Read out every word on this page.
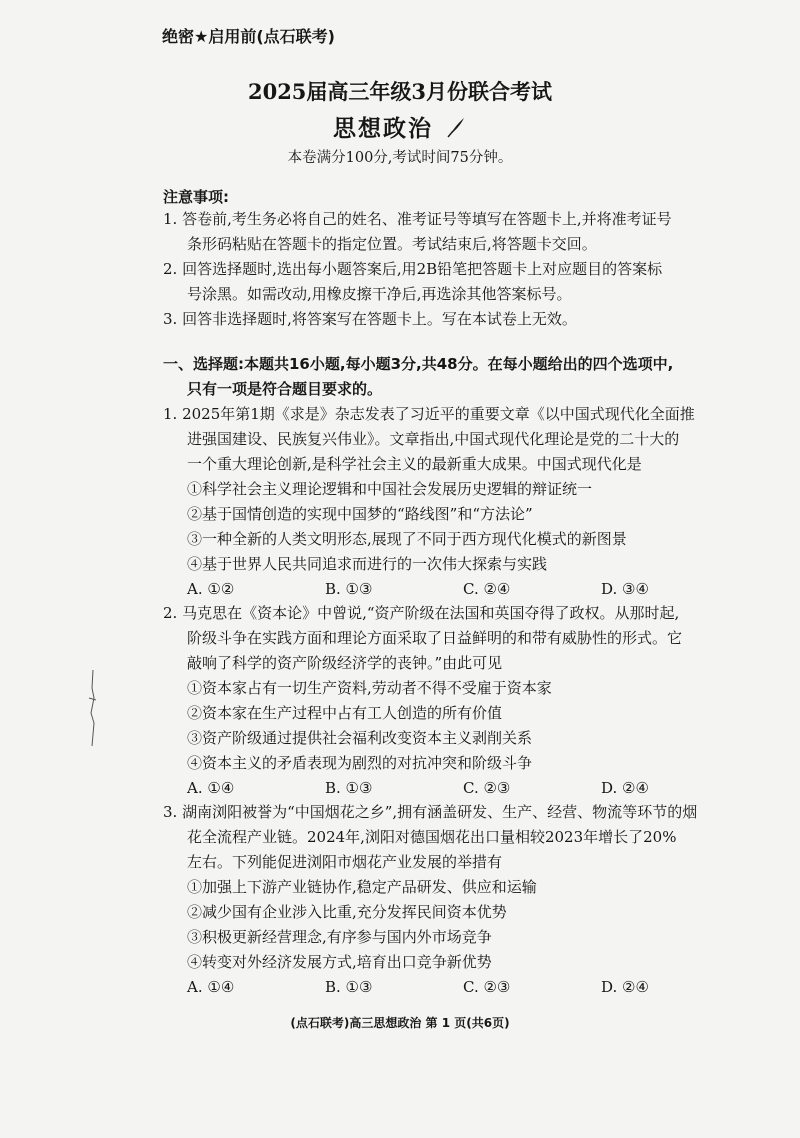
绝密★启用前(点石联考)
2025届高三年级3月份联合考试
思想政治
本卷满分100分,考试时间75分钟。
注意事项:
1. 答卷前,考生务必将自己的姓名、准考证号等填写在答题卡上,并将准考证号
条形码粘贴在答题卡的指定位置。考试结束后,将答题卡交回。
2. 回答选择题时,选出每小题答案后,用2B铅笔把答题卡上对应题目的答案标
号涂黑。如需改动,用橡皮擦干净后,再选涂其他答案标号。
3. 回答非选择题时,将答案写在答题卡上。写在本试卷上无效。
一、选择题:本题共16小题,每小题3分,共48分。在每小题给出的四个选项中,
只有一项是符合题目要求的。
1. 2025年第1期《求是》杂志发表了习近平的重要文章《以中国式现代化全面推
进强国建设、民族复兴伟业》。文章指出,中国式现代化理论是党的二十大的
一个重大理论创新,是科学社会主义的最新重大成果。中国式现代化是
①科学社会主义理论逻辑和中国社会发展历史逻辑的辩证统一
②基于国情创造的实现中国梦的“路线图”和“方法论”
③一种全新的人类文明形态,展现了不同于西方现代化模式的新图景
④基于世界人民共同追求而进行的一次伟大探索与实践
A. ①②	B. ①③	C. ②④	D. ③④
2. 马克思在《资本论》中曾说,“资产阶级在法国和英国夺得了政权。从那时起,
阶级斗争在实践方面和理论方面采取了日益鲜明的和带有威胁性的形式。它
敲响了科学的资产阶级经济学的丧钟。”由此可见
①资本家占有一切生产资料,劳动者不得不受雇于资本家
②资本家在生产过程中占有工人创造的所有价值
③资产阶级通过提供社会福利改变资本主义剥削关系
④资本主义的矛盾表现为剧烈的对抗冲突和阶级斗争
A. ①④	B. ①③	C. ②③	D. ②④
3. 湖南浏阳被誉为“中国烟花之乡”,拥有涵盖研发、生产、经营、物流等环节的烟
花全流程产业链。2024年,浏阳对德国烟花出口量相较2023年增长了20%
左右。下列能促进浏阳市烟花产业发展的举措有
①加强上下游产业链协作,稳定产品研发、供应和运输
②减少国有企业涉入比重,充分发挥民间资本优势
③积极更新经营理念,有序参与国内外市场竞争
④转变对外经济发展方式,培育出口竞争新优势
A. ①④	B. ①③	C. ②③	D. ②④
(点石联考)高三思想政治 第 1 页(共6页)
